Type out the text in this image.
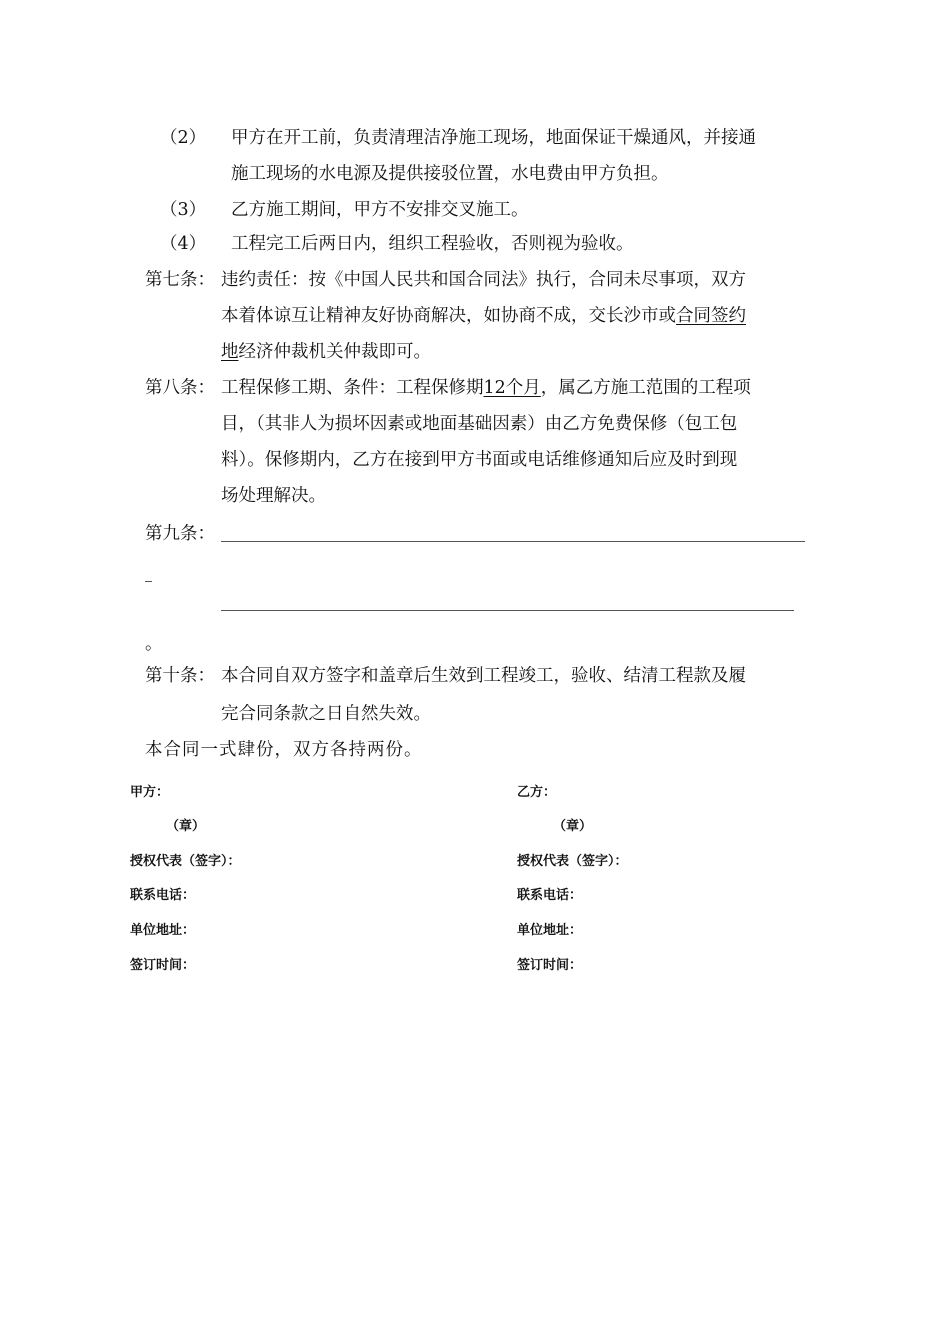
（2） 甲方在开工前，负责清理洁净施工现场，地面保证干燥通风，并接通
施工现场的水电源及提供接驳位置，水电费由甲方负担。
（3） 乙方施工期间，甲方不安排交叉施工。
（4） 工程完工后两日内，组织工程验收，否则视为验收。
第七条： 违约责任：按《中国人民共和国合同法》执行，合同未尽事项，双方
本着体谅互让精神友好协商解决，如协商不成，交长沙市或合同签约
地经济仲裁机关仲裁即可。
第八条： 工程保修工期、条件：工程保修期12个月，属乙方施工范围的工程项
目，（其非人为损坏因素或地面基础因素）由乙方免费保修（包工包
料）。保修期内，乙方在接到甲方书面或电话维修通知后应及时到现
场处理解决。
第九条：
。
第十条： 本合同自双方签字和盖章后生效到工程竣工，验收、结清工程款及履
完合同条款之日自然失效。
本合同一式肆份，双方各持两份。
甲方：
（章）
授权代表（签字）：
联系电话：
单位地址：
签订时间：
乙方：
（章）
授权代表（签字）：
联系电话：
单位地址：
签订时间：
